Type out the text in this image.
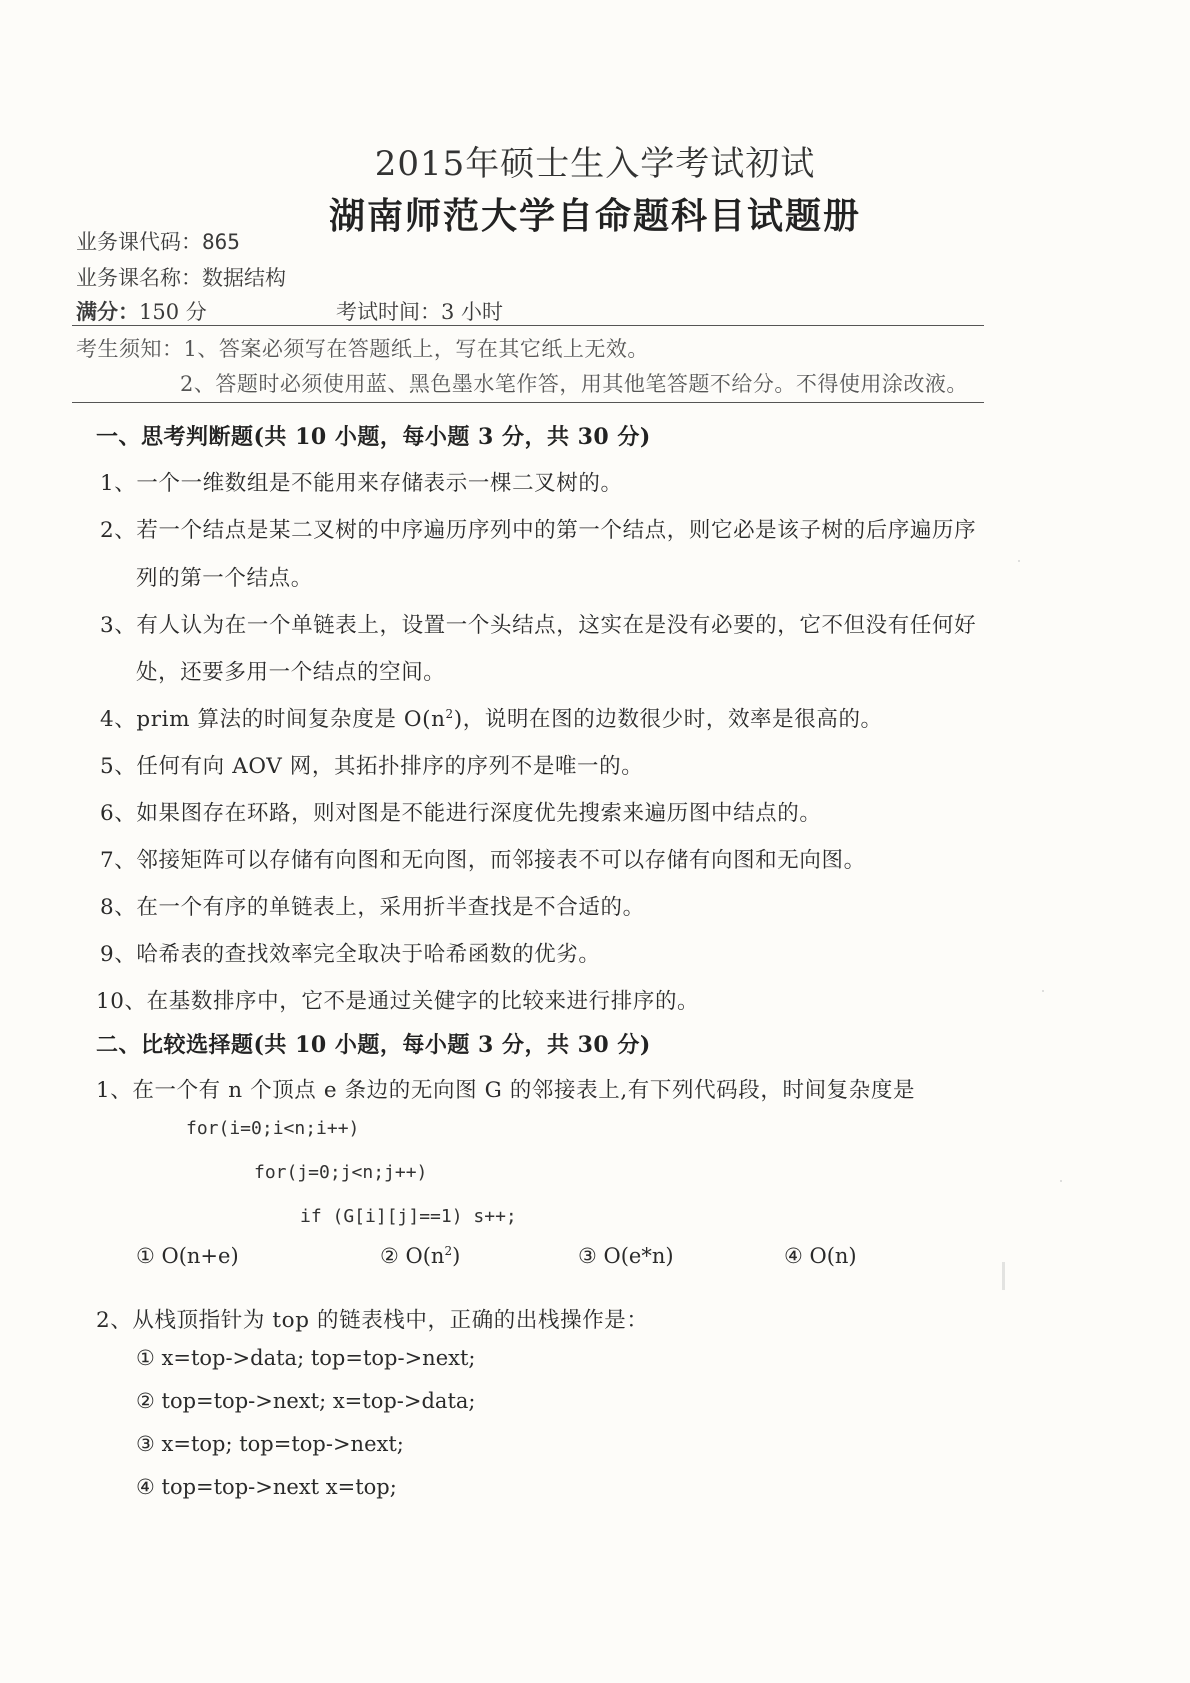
2015年硕士生入学考试初试
湖南师范大学自命题科目试题册
业务课代码：865
业务课名称：数据结构
满分：150 分	考试时间：3 小时
考生须知：1、答案必须写在答题纸上，写在其它纸上无效。
2、答题时必须使用蓝、黑色墨水笔作答，用其他笔答题不给分。不得使用涂改液。
一、思考判断题(共 10 小题，每小题 3 分，共 30 分)
1、一个一维数组是不能用来存储表示一棵二叉树的。
2、若一个结点是某二叉树的中序遍历序列中的第一个结点，则它必是该子树的后序遍历序
列的第一个结点。
3、有人认为在一个单链表上，设置一个头结点，这实在是没有必要的，它不但没有任何好
处，还要多用一个结点的空间。
4、prim 算法的时间复杂度是 $O(n^2)$，说明在图的边数很少时，效率是很高的。
5、任何有向 AOV 网，其拓扑排序的序列不是唯一的。
6、如果图存在环路，则对图是不能进行深度优先搜索来遍历图中结点的。
7、邻接矩阵可以存储有向图和无向图，而邻接表不可以存储有向图和无向图。
8、在一个有序的单链表上，采用折半查找是不合适的。
9、哈希表的查找效率完全取决于哈希函数的优劣。
10、在基数排序中，它不是通过关健字的比较来进行排序的。
二、比较选择题(共 10 小题，每小题 3 分，共 30 分)
1、在一个有 n 个顶点 e 条边的无向图 G 的邻接表上,有下列代码段，时间复杂度是
for(i=0;i<n;i++)
for(j=0;j<n;j++)
if (G[i][j]==1) s++;
① O(n+e)	② $O(n^2)$	③ O(e*n)	④ O(n)
2、从栈顶指针为 top 的链表栈中，正确的出栈操作是：
① x=top->data; top=top->next;
② top=top->next; x=top->data;
③ x=top; top=top->next;
④ top=top->next x=top;
